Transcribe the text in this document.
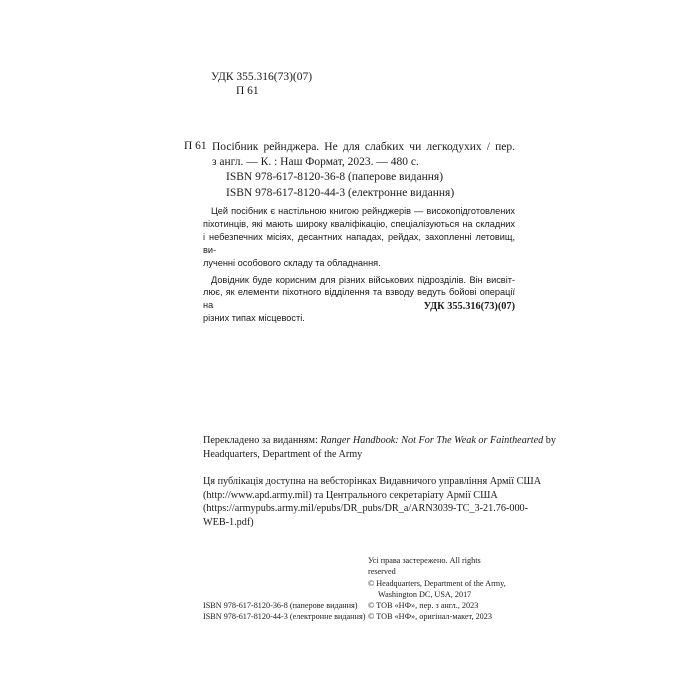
УДК 355.316(73)(07)
П 61
П 61 Посібник рейнджера. Не для слабких чи легкодухих / пер.
з англ. — К. : Наш Формат, 2023. — 480 с.
ISBN 978-617-8120-36-8 (паперове видання)
ISBN 978-617-8120-44-3 (електронне видання)

Цей посібник є настільною книгою рейнджерів — високопідготовлених
піхотинців, які мають широку кваліфікацію, спеціалізуються на складних
і небезпечних місіях, десантних нападах, рейдах, захопленні летовищ, ви-
лученні особового складу та обладнання.

Довідник буде корисним для різних військових підрозділів. Він висвіт-
лює, як елементи піхотного відділення та взводу ведуть бойові операції на
різних типах місцевості.

УДК 355.316(73)(07)
Перекладено за виданням: Ranger Handbook: Not For The Weak or Fainthearted by
Headquarters, Department of the Army
Ця публікація доступна на вебсторінках Видавничого управління Армії США
(http://www.apd.army.mil) та Центрального секретаріату Армії США
(https://armypubs.army.mil/epubs/DR_pubs/DR_a/ARN3039-TC_3-21.76-000-
WEB-1.pdf)
Усі права застережено. All rights
reserved
© Headquarters, Department of the Army,
Washington DC, USA, 2017
ISBN 978-617-8120-36-8 (паперове видання)
ISBN 978-617-8120-44-3 (електронне видання)
© ТОВ «НФ», пер. з англ., 2023
© ТОВ «НФ», оригінал-макет, 2023
